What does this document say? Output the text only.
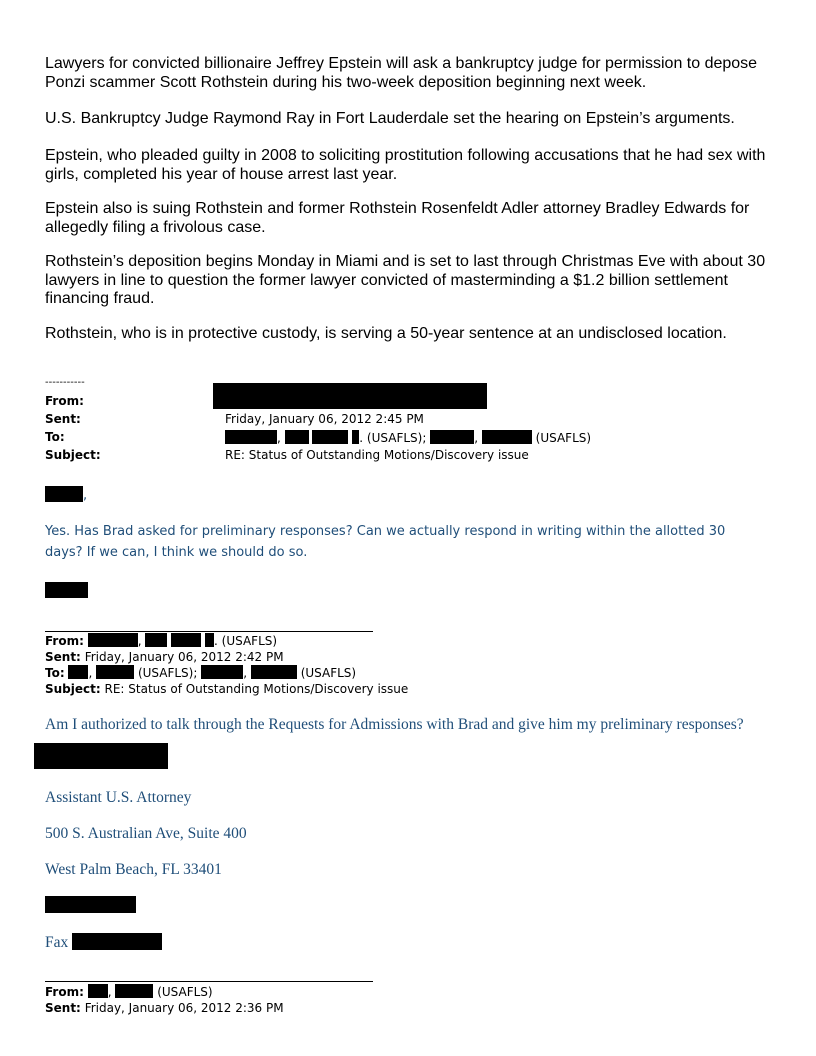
Lawyers for convicted billionaire Jeffrey Epstein will ask a bankruptcy judge for permission to depose Ponzi scammer Scott Rothstein during his two-week deposition beginning next week.
U.S. Bankruptcy Judge Raymond Ray in Fort Lauderdale set the hearing on Epstein’s arguments.
Epstein, who pleaded guilty in 2008 to soliciting prostitution following accusations that he had sex with girls, completed his year of house arrest last year.
Epstein also is suing Rothstein and former Rothstein Rosenfeldt Adler attorney Bradley Edwards for allegedly filing a frivolous case.
Rothstein’s deposition begins Monday in Miami and is set to last through Christmas Eve with about 30 lawyers in line to question the former lawyer convicted of masterminding a $1.2 billion settlement financing fraud.
Rothstein, who is in protective custody, is serving a 50-year sentence at an undisclosed location.
-----------
From:
Sent:	Friday, January 06, 2012 2:45 PM
To:	,	. (USAFLS);	,	(USAFLS)
Subject:	RE: Status of Outstanding Motions/Discovery issue
,
Yes. Has Brad asked for preliminary responses? Can we actually respond in writing within the allotted 30 days? If we can, I think we should do so.
From:	,	. (USAFLS)
Sent: Friday, January 06, 2012 2:42 PM
To: ,	(USAFLS);	,	(USAFLS)
Subject: RE: Status of Outstanding Motions/Discovery issue
Am I authorized to talk through the Requests for Admissions with Brad and give him my preliminary responses?
Assistant U.S. Attorney
500 S. Australian Ave, Suite 400
West Palm Beach, FL 33401
Fax
From: ,	(USAFLS)
Sent: Friday, January 06, 2012 2:36 PM
